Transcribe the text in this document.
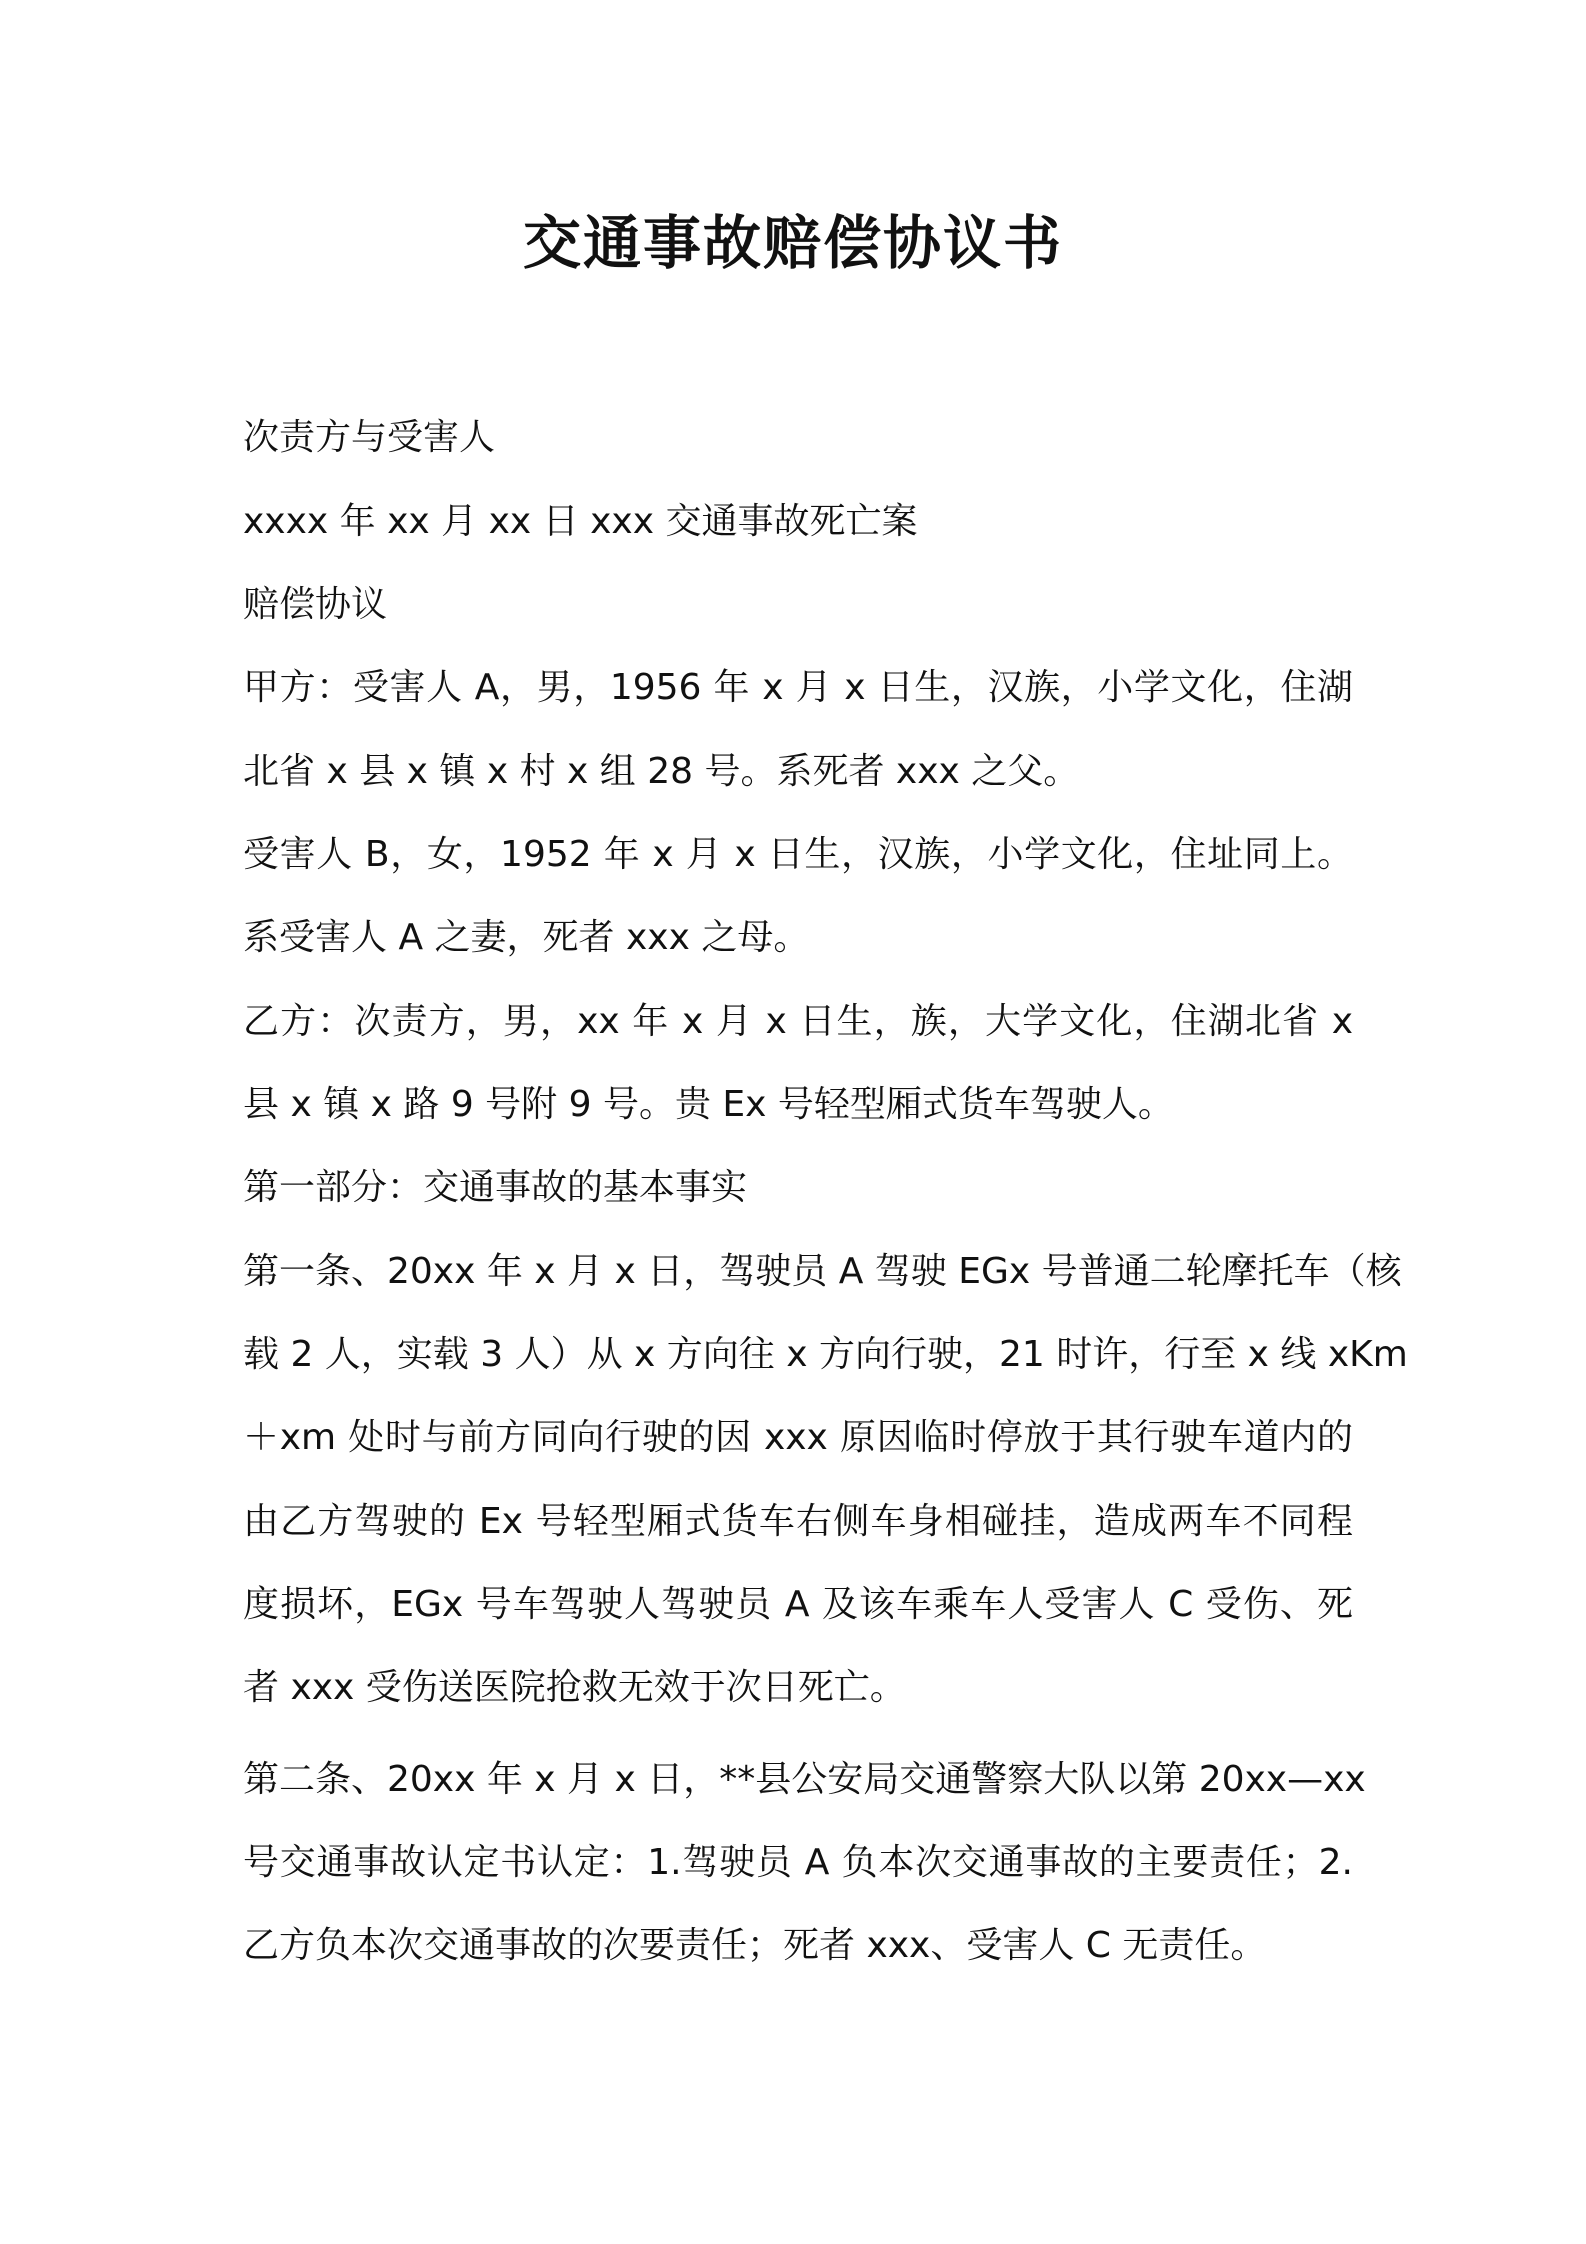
交通事故赔偿协议书
次责方与受害人
xxxx 年 xx 月 xx 日 xxx 交通事故死亡案
赔偿协议
甲方：受害人 A，男，1956 年 x 月 x 日生，汉族，小学文化，住湖
北省 x 县 x 镇 x 村 x 组 28 号。系死者 xxx 之父。
受害人 B，女，1952 年 x 月 x 日生，汉族，小学文化，住址同上。
系受害人 A 之妻，死者 xxx 之母。
乙方：次责方，男，xx 年 x 月 x 日生，族，大学文化，住湖北省 x
县 x 镇 x 路 9 号附 9 号。贵 Ex 号轻型厢式货车驾驶人。
第一部分：交通事故的基本事实
第一条、20xx 年 x 月 x 日，驾驶员 A 驾驶 EGx 号普通二轮摩托车（核
载 2 人，实载 3 人）从 x 方向往 x 方向行驶，21 时许，行至 x 线 xKm
＋xm 处时与前方同向行驶的因 xxx 原因临时停放于其行驶车道内的
由乙方驾驶的 Ex 号轻型厢式货车右侧车身相碰挂，造成两车不同程
度损坏，EGx 号车驾驶人驾驶员 A 及该车乘车人受害人 C 受伤、死
者 xxx 受伤送医院抢救无效于次日死亡。
第二条、20xx 年 x 月 x 日，**县公安局交通警察大队以第 20xx—xx
号交通事故认定书认定：1.驾驶员 A 负本次交通事故的主要责任；2.
乙方负本次交通事故的次要责任；死者 xxx、受害人 C 无责任。
